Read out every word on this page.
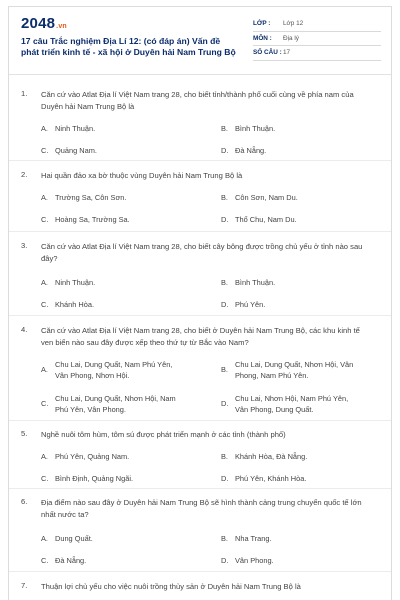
2048.vn
17 câu Trắc nghiệm Địa Lí 12: (có đáp án) Vấn đề phát triển kinh tế - xã hội ở Duyên hải Nam Trung Bộ
LỚP :	Lớp 12
MÔN :	Địa lý
SỐ CÂU : 17
1. Căn cứ vào Atlat Địa lí Việt Nam trang 28, cho biết tỉnh/thành phố cuối cùng về phía nam của Duyên hải Nam Trung Bộ là
A. Ninh Thuận.	B. Bình Thuận.
C. Quảng Nam.	D. Đà Nẵng.
2. Hai quần đảo xa bờ thuộc vùng Duyên hải Nam Trung Bộ là
A. Trường Sa, Côn Sơn.	B. Côn Sơn, Nam Du.
C. Hoàng Sa, Trường Sa.	D. Thổ Chu, Nam Du.
3. Căn cứ vào Atlat Địa lí Việt Nam trang 28, cho biết cây bông được trồng chủ yếu ở tỉnh nào sau đây?
A. Ninh Thuận.	B. Bình Thuận.
C. Khánh Hòa.	D. Phú Yên.
4. Căn cứ vào Atlat Địa lí Việt Nam trang 28, cho biết ở Duyên hải Nam Trung Bộ, các khu kinh tế ven biển nào sau đây được xếp theo thứ tự từ Bắc vào Nam?
A.
Chu Lai, Dung Quất, Nam Phú Yên, Vân Phong, Nhơn Hội.
B.
Chu Lai, Dung Quất, Nhơn Hội, Vân Phong, Nam Phú Yên.
C.
Chu Lai, Dung Quất, Nhơn Hội, Nam Phú Yên, Vân Phong.
D.
Chu Lai, Nhơn Hội, Nam Phú Yên, Vân Phong, Dung Quất.
5. Nghề nuôi tôm hùm, tôm sú được phát triển mạnh ở các tỉnh (thành phố)
A. Phú Yên, Quảng Nam.	B. Khánh Hòa, Đà Nẵng.
C. Bình Định, Quảng Ngãi.	D. Phú Yên, Khánh Hòa.
6. Địa điểm nào sau đây ở Duyên hải Nam Trung Bộ sẽ hình thành cảng trung chuyển quốc tế lớn nhất nước ta?
A. Dung Quất.	B. Nha Trang.
C. Đà Nẵng.	D. Vân Phong.
7. Thuận lợi chủ yếu cho việc nuôi trồng thủy sản ở Duyên hải Nam Trung Bộ là
